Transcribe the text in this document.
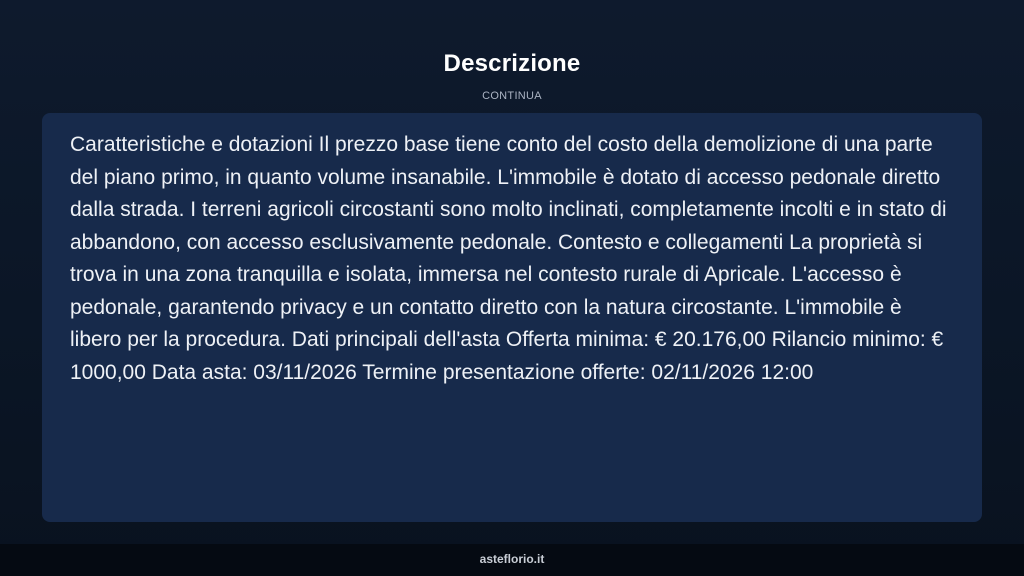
Descrizione
CONTINUA

Caratteristiche e dotazioni Il prezzo base tiene conto del costo della demolizione di una parte del piano primo, in quanto volume insanabile. L'immobile è dotato di accesso pedonale diretto dalla strada. I terreni agricoli circostanti sono molto inclinati, completamente incolti e in stato di abbandono, con accesso esclusivamente pedonale. Contesto e collegamenti La proprietà si trova in una zona tranquilla e isolata, immersa nel contesto rurale di Apricale. L'accesso è pedonale, garantendo privacy e un contatto diretto con la natura circostante. L'immobile è libero per la procedura. Dati principali dell'asta Offerta minima: € 20.176,00 Rilancio minimo: € 1000,00 Data asta: 03/11/2026 Termine presentazione offerte: 02/11/2026 12:00

asteflorio.it
